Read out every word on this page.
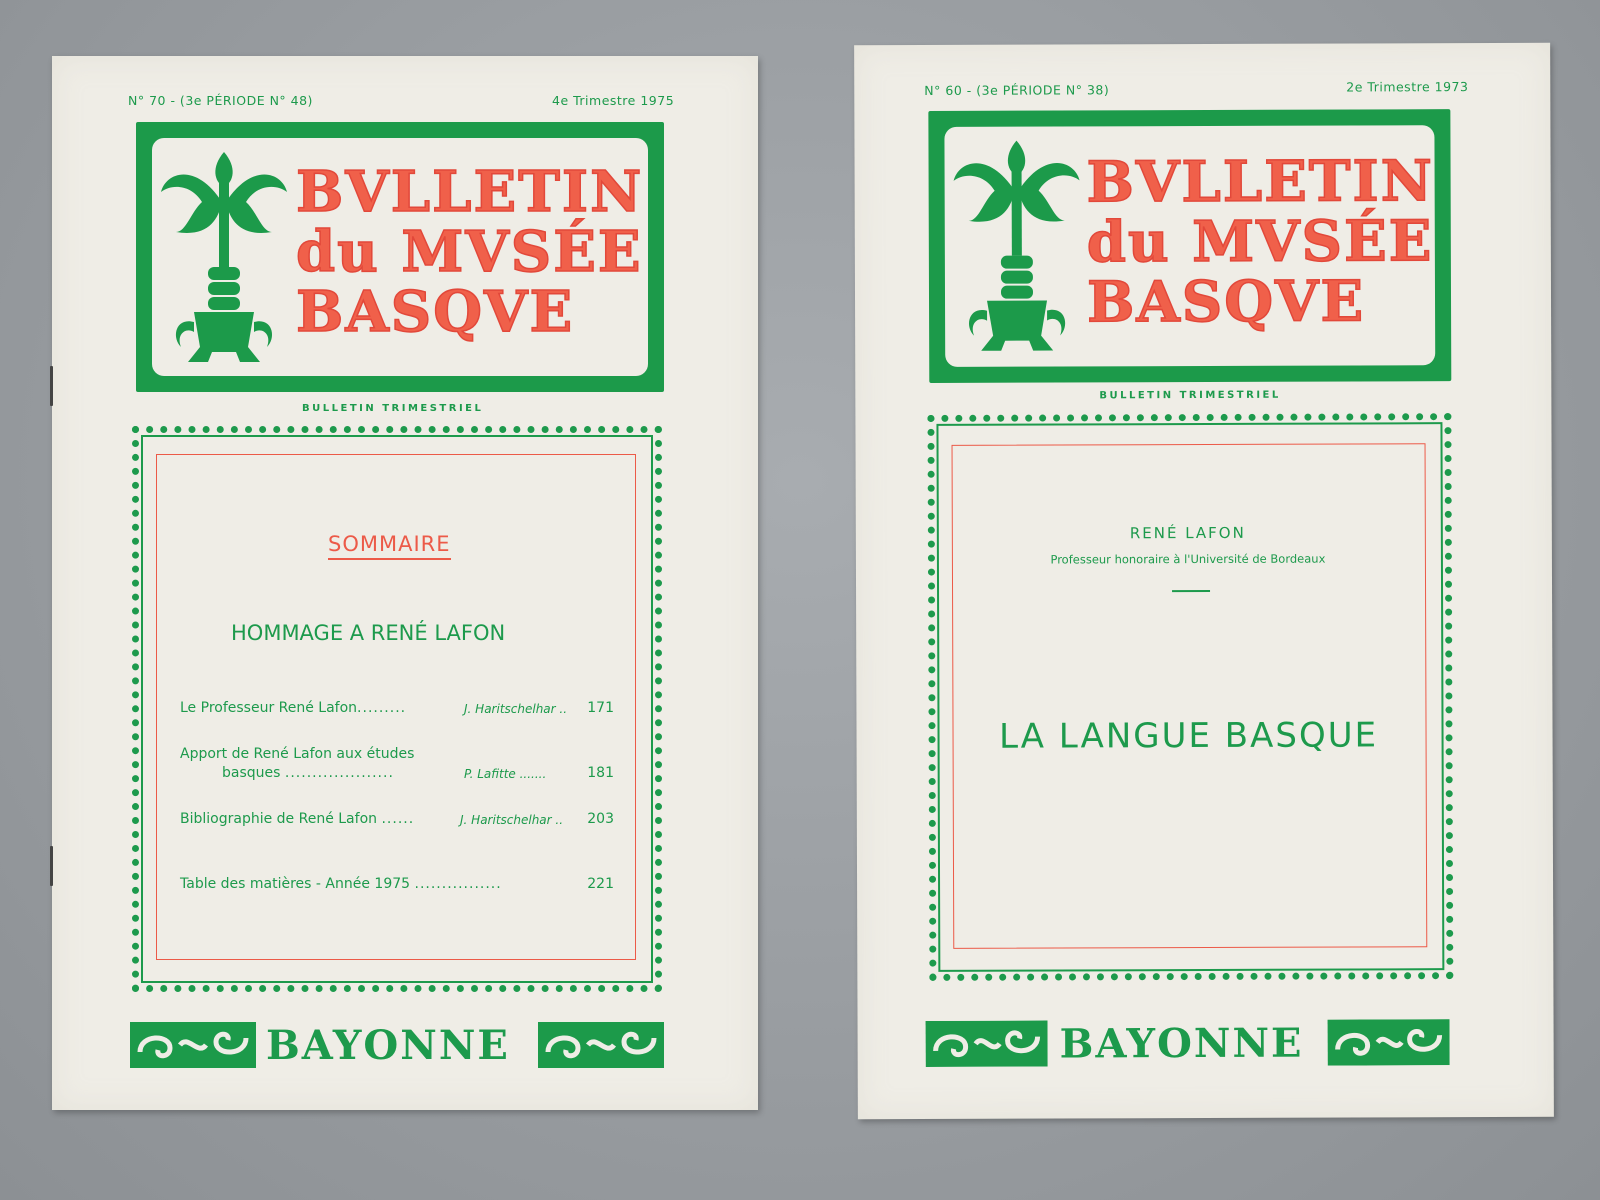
N° 70 - (3e PÉRIODE N° 48)	4e Trimestre 1975
BVLLETIN
du MVSÉE
BASQVE
BULLETIN TRIMESTRIEL
SOMMAIRE
HOMMAGE A RENÉ LAFON
Le Professeur René Lafon.........	J. Haritschelhar ..	171
Apport de René Lafon aux études
basques ....................	P. Lafitte .......	181
Bibliographie de René Lafon ......	J. Haritschelhar ..	203
Table des matières - Année 1975 ................	221
BAYONNE
N° 60 - (3e PÉRIODE N° 38)	2e Trimestre 1973
BVLLETIN
du MVSÉE
BASQVE
BULLETIN TRIMESTRIEL
RENÉ LAFON
Professeur honoraire à l'Université de Bordeaux
LA LANGUE BASQUE
BAYONNE
